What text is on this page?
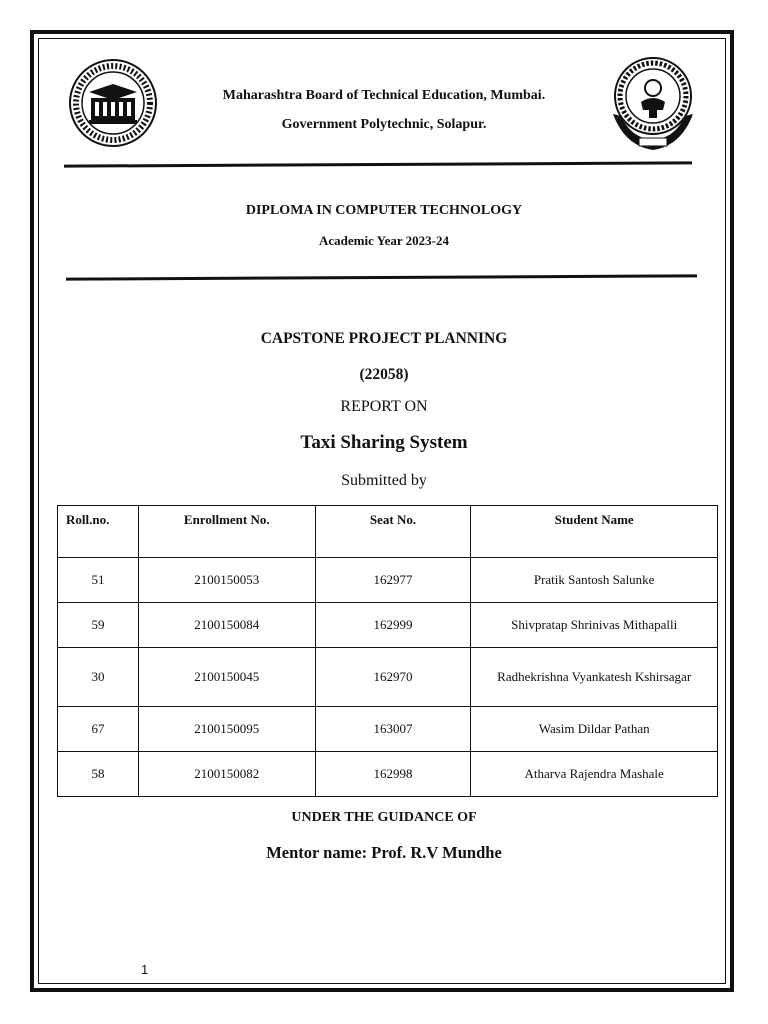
Maharashtra Board of Technical Education, Mumbai.
Government Polytechnic, Solapur.
DIPLOMA IN COMPUTER TECHNOLOGY
Academic Year 2023-24
CAPSTONE PROJECT PLANNING
(22058)
REPORT ON
Taxi Sharing System
Submitted by
Roll.no.	Enrollment No.	Seat No.	Student Name
51	2100150053	162977	Pratik Santosh Salunke
59	2100150084	162999	Shivpratap Shrinivas Mithapalli
30	2100150045	162970	Radhekrishna Vyankatesh Kshirsagar
67	2100150095	163007	Wasim Dildar Pathan
58	2100150082	162998	Atharva Rajendra Mashale
UNDER THE GUIDANCE OF
Mentor name: Prof. R.V Mundhe
1
